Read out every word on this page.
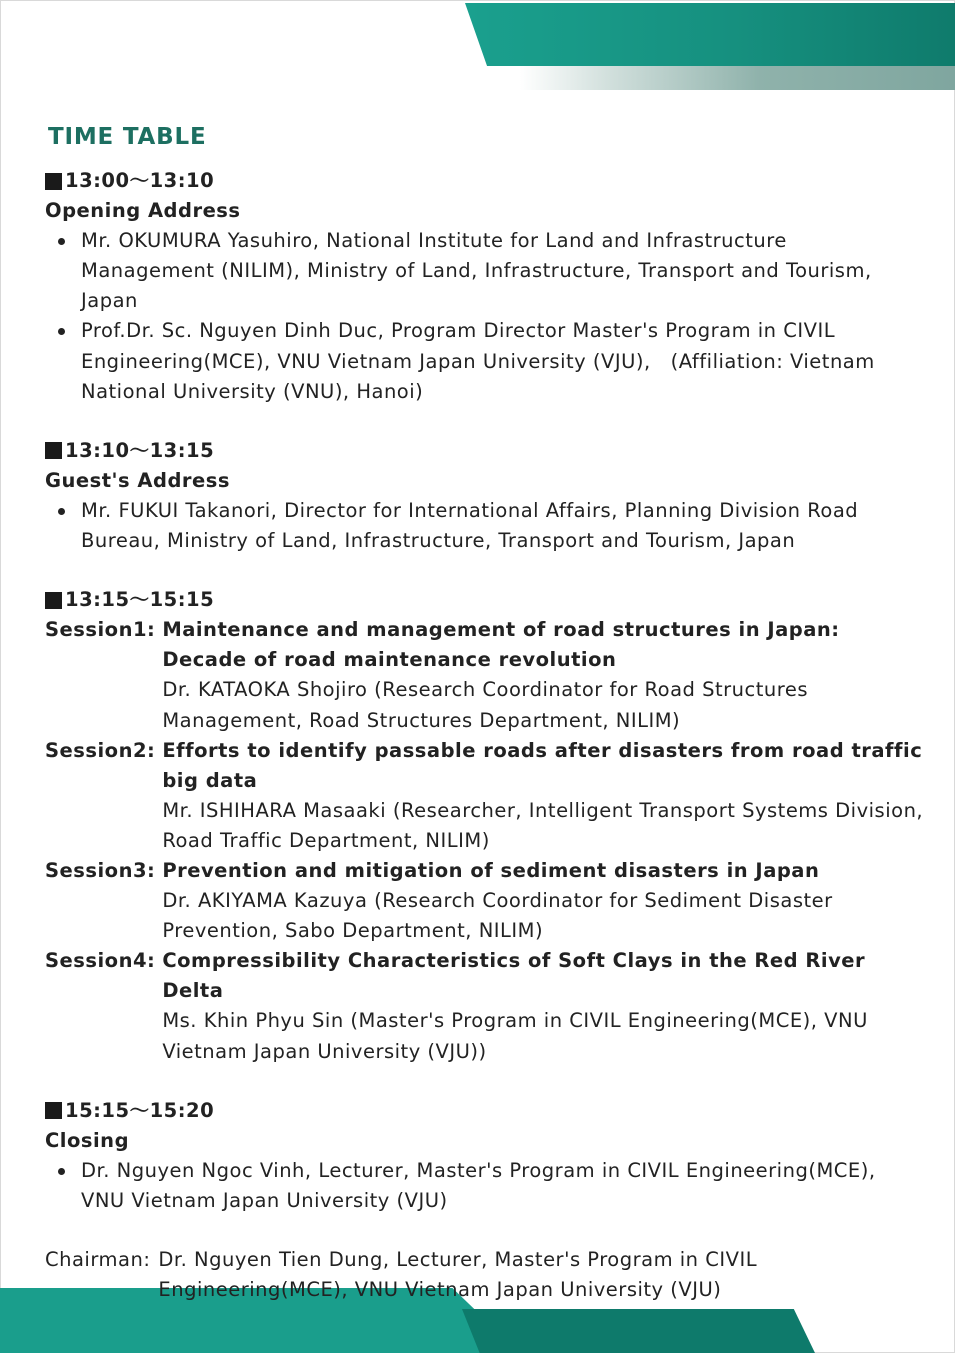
TIME TABLE
13:00〜13:10
Opening Address
Mr. OKUMURA Yasuhiro, National Institute for Land and Infrastructure Management (NILIM), Ministry of Land, Infrastructure, Transport and Tourism, Japan
Prof.Dr. Sc. Nguyen Dinh Duc, Program Director Master's Program in CIVIL Engineering(MCE), VNU Vietnam Japan University (VJU),　(Affiliation: Vietnam National University (VNU), Hanoi)
13:10〜13:15
Guest's Address
Mr. FUKUI Takanori, Director for International Affairs, Planning Division Road Bureau, Ministry of Land, Infrastructure, Transport and Tourism, Japan
13:15〜15:15
Session1: Maintenance and management of road structures in Japan: Decade of road maintenance revolution
Dr. KATAOKA Shojiro (Research Coordinator for Road Structures Management, Road Structures Department, NILIM)
Session2: Efforts to identify passable roads after disasters from road traffic big data
Mr. ISHIHARA Masaaki (Researcher, Intelligent Transport Systems Division, Road Traffic Department, NILIM)
Session3: Prevention and mitigation of sediment disasters in Japan
Dr. AKIYAMA Kazuya (Research Coordinator for Sediment Disaster Prevention, Sabo Department, NILIM)
Session4: Compressibility Characteristics of Soft Clays in the Red River Delta
Ms. Khin Phyu Sin (Master's Program in CIVIL Engineering(MCE), VNU Vietnam Japan University (VJU))
15:15〜15:20
Closing
Dr. Nguyen Ngoc Vinh, Lecturer, Master's Program in CIVIL Engineering(MCE), VNU Vietnam Japan University (VJU)
Chairman: Dr. Nguyen Tien Dung, Lecturer, Master's Program in CIVIL Engineering(MCE), VNU Vietnam Japan University (VJU)
